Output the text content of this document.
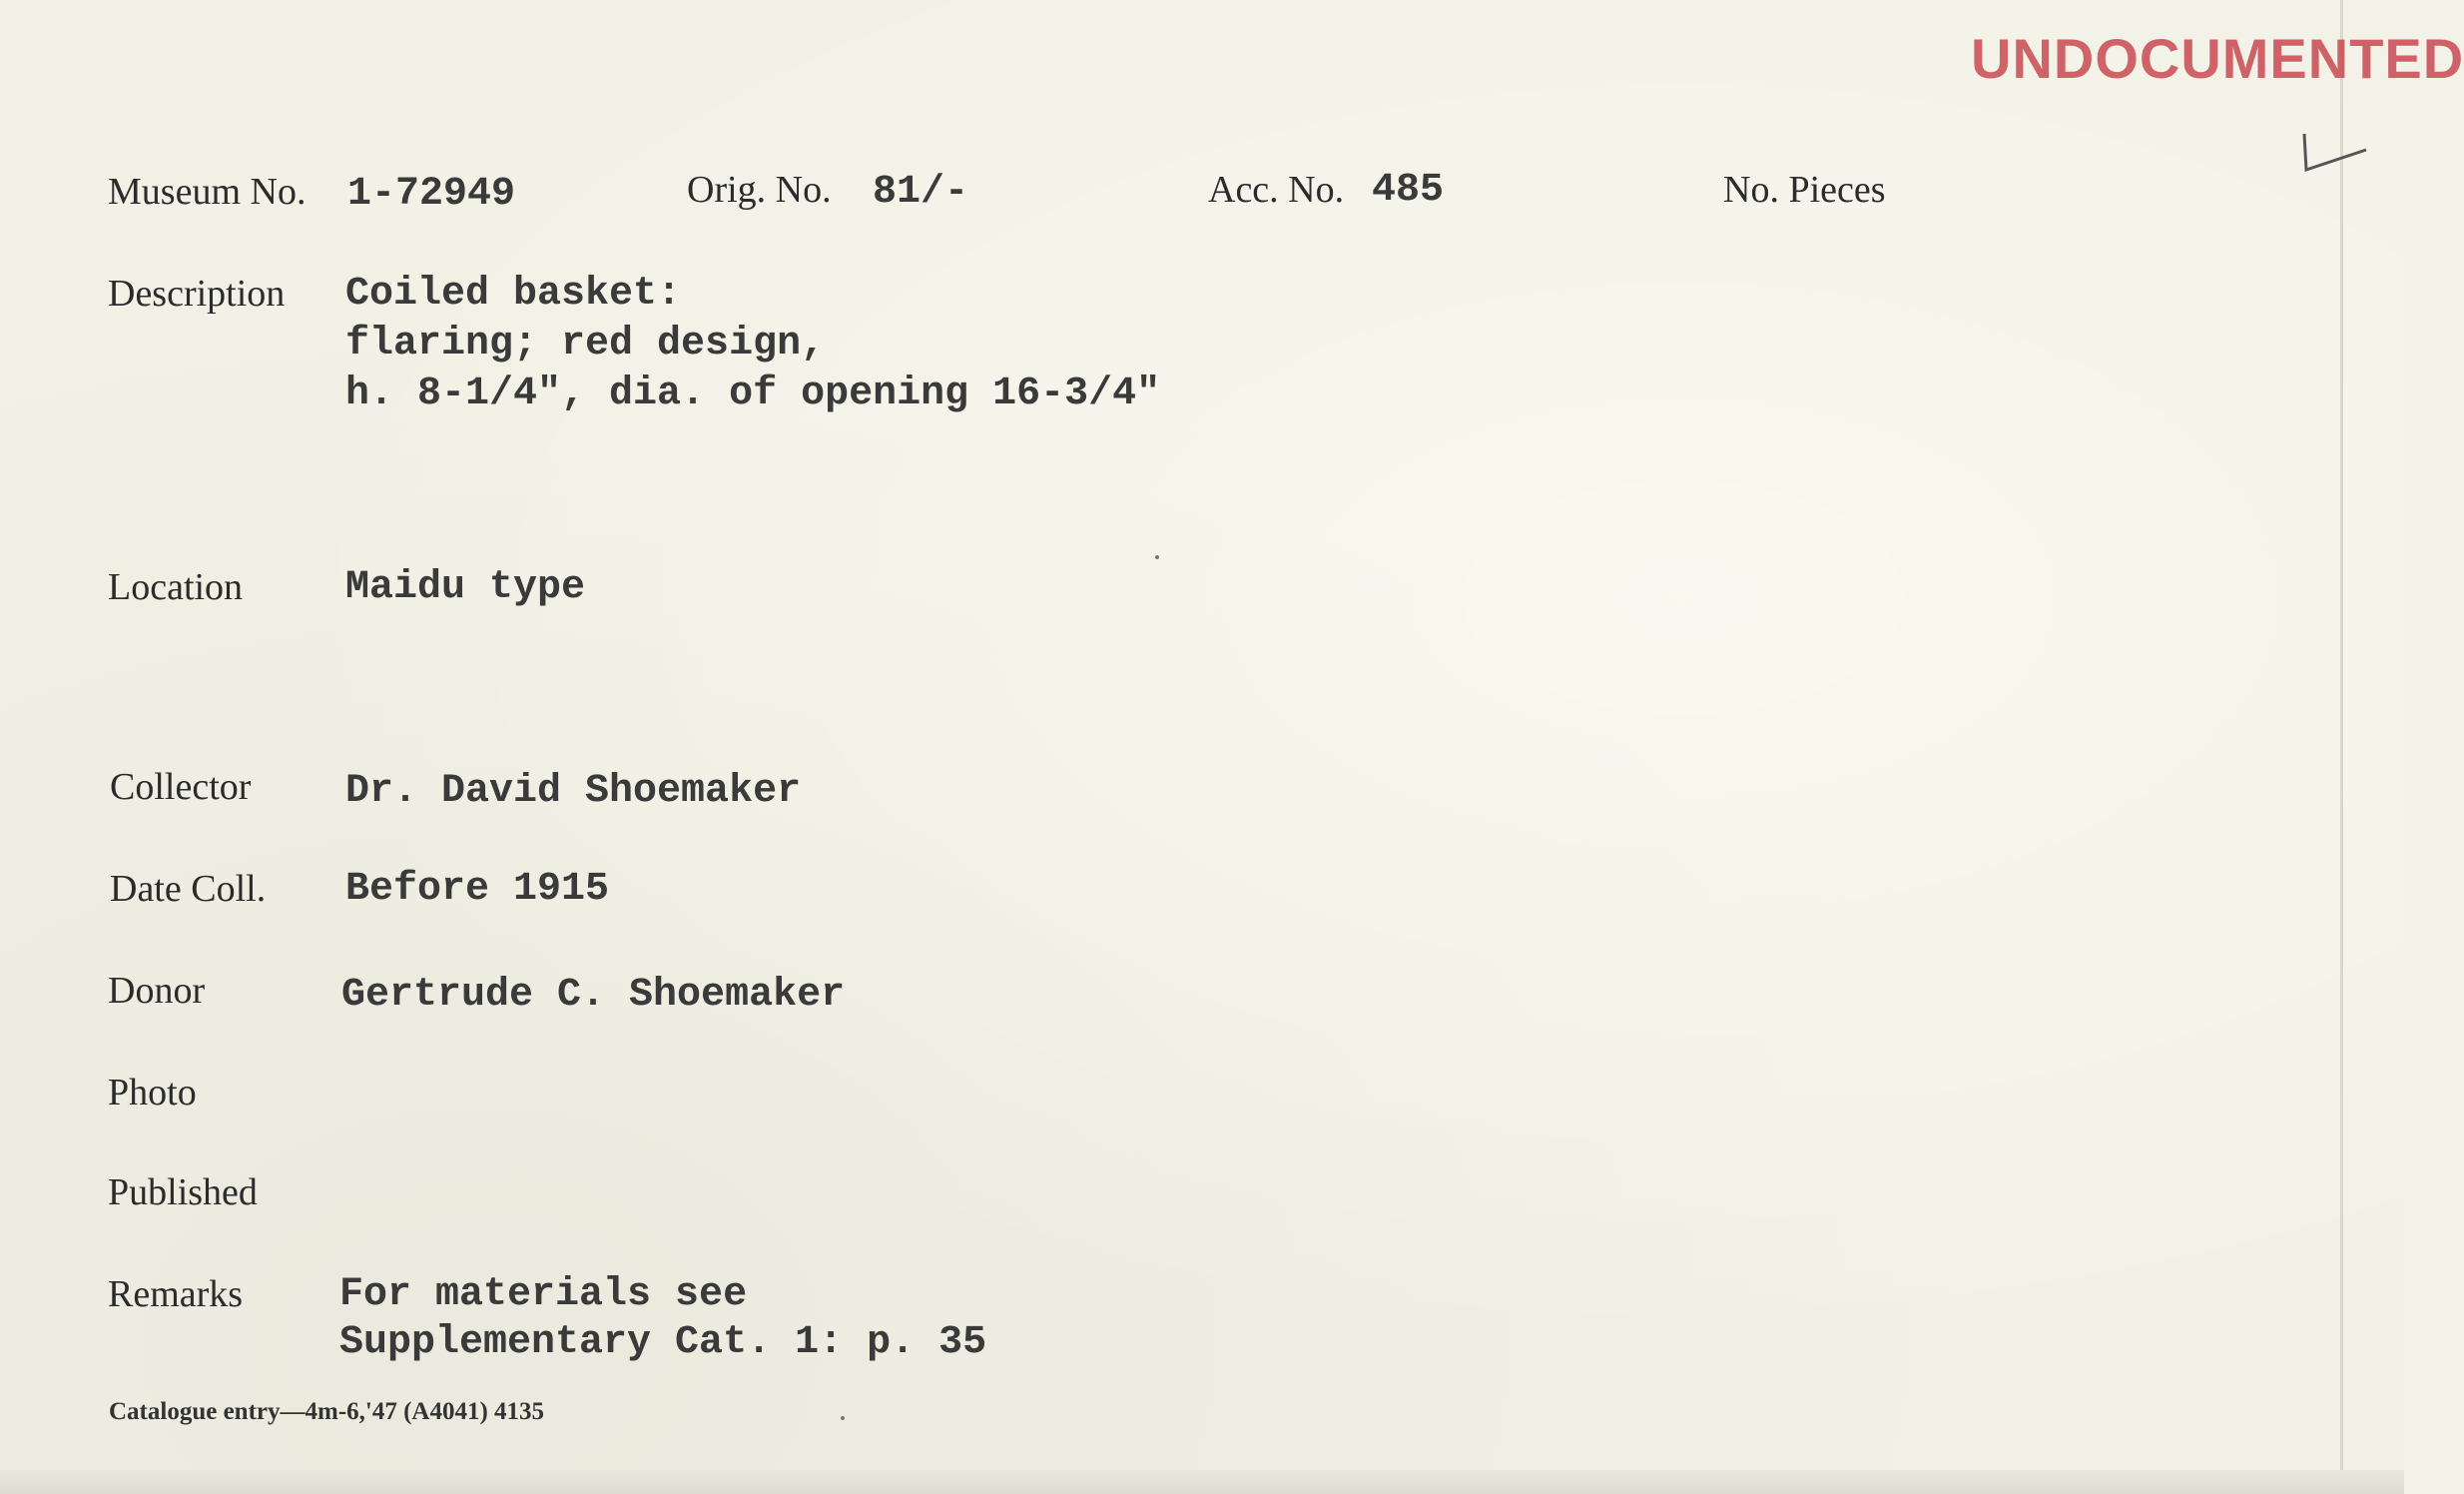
UNDOCUMENTED
Museum No. 1-72949	Orig. No. 81/-	Acc. No. 485	No. Pieces
Description Coiled basket:
flaring; red design,
h. 8-1/4", dia. of opening 16-3/4"
Location	Maidu type
Collector Dr. David Shoemaker
Date Coll. Before 1915
Donor	Gertrude C. Shoemaker
Photo
Published
Remarks For materials see
Supplementary Cat. 1: p. 35
Catalogue entry—4m-6,'47 (A4041) 4135
